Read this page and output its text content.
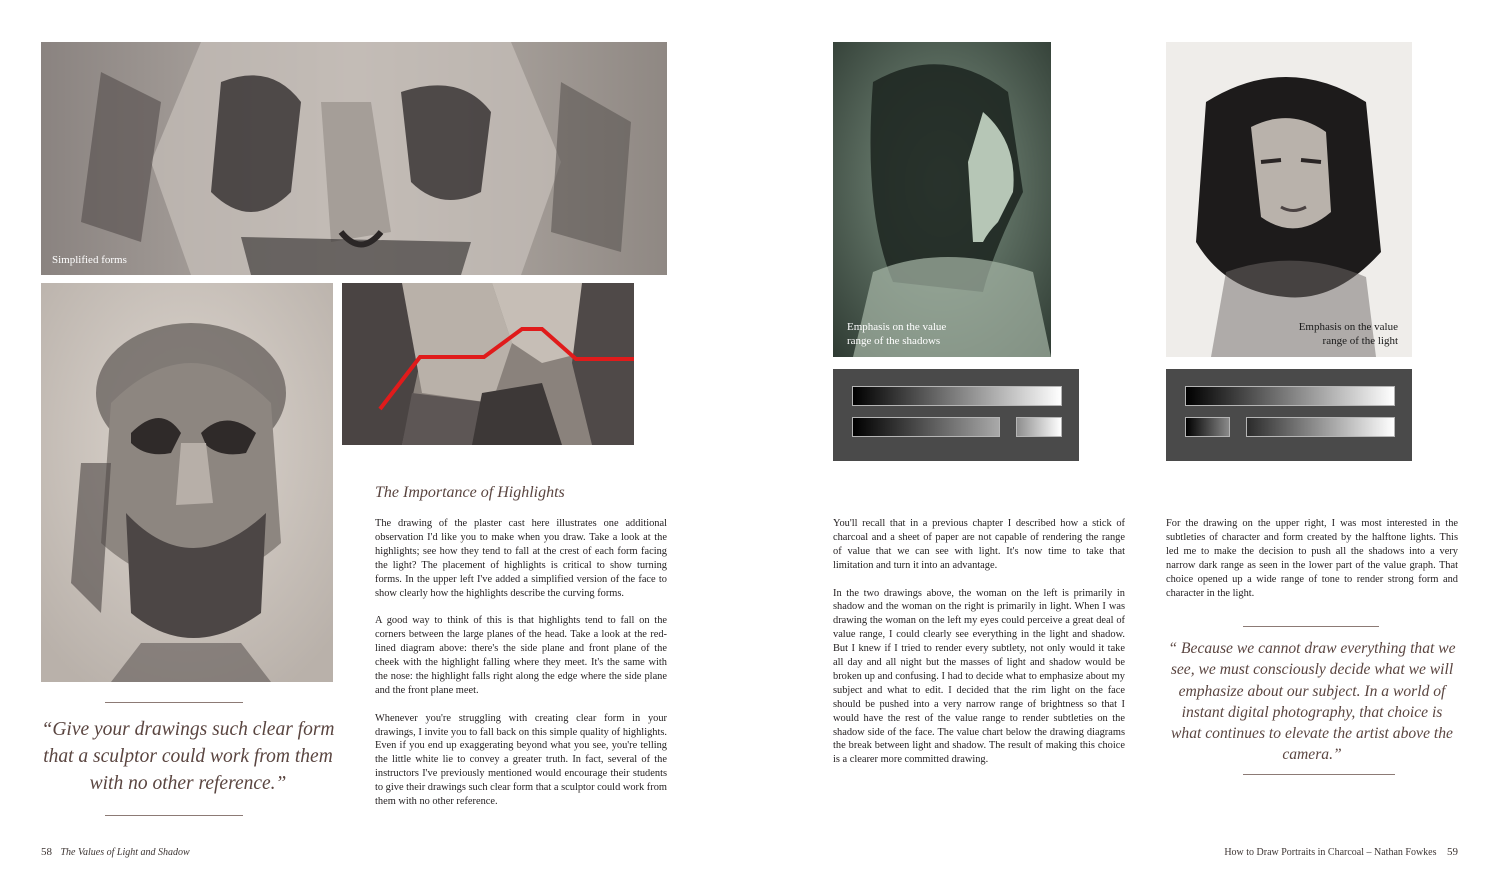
Simplified forms
The Importance of Highlights

The drawing of the plaster cast here illustrates one additional observation I'd like you to make when you draw. Take a look at the highlights; see how they tend to fall at the crest of each form facing the light? The placement of highlights is critical to show turning forms. In the upper left I've added a simplified version of the face to show clearly how the highlights describe the curving forms.

A good way to think of this is that highlights tend to fall on the corners between the large planes of the head. Take a look at the red-lined diagram above: there's the side plane and front plane of the cheek with the highlight falling where they meet. It's the same with the nose: the highlight falls right along the edge where the side plane and the front plane meet.

Whenever you're struggling with creating clear form in your drawings, I invite you to fall back on this simple quality of highlights. Even if you end up exaggerating beyond what you see, you're telling the little white lie to convey a greater truth. In fact, several of the instructors I've previously mentioned would encourage their students to give their drawings such clear form that a sculptor could work from them with no other reference.

“Give your drawings such clear form that a sculptor could work from them with no other reference.”
58 The Values of Light and Shadow
Emphasis on the value range of the shadows
Emphasis on the value range of the light

You'll recall that in a previous chapter I described how a stick of charcoal and a sheet of paper are not capable of rendering the range of value that we can see with light. It's now time to take that limitation and turn it into an advantage.

In the two drawings above, the woman on the left is primarily in shadow and the woman on the right is primarily in light. When I was drawing the woman on the left my eyes could perceive a great deal of value range, I could clearly see everything in the light and shadow. But I knew if I tried to render every subtlety, not only would it take all day and all night but the masses of light and shadow would be broken up and confusing. I had to decide what to emphasize about my subject and what to edit. I decided that the rim light on the face should be pushed into a very narrow range of brightness so that I would have the rest of the value range to render subtleties on the shadow side of the face. The value chart below the drawing diagrams the break between light and shadow. The result of making this choice is a clearer more committed drawing.

For the drawing on the upper right, I was most interested in the subtleties of character and form created by the halftone lights. This led me to make the decision to push all the shadows into a very narrow dark range as seen in the lower part of the value graph. That choice opened up a wide range of tone to render strong form and character in the light.

“ Because we cannot draw everything that we see, we must consciously decide what we will emphasize about our subject. In a world of instant digital photography, that choice is what continues to elevate the artist above the camera.”
How to Draw Portraits in Charcoal – Nathan Fowkes 59
